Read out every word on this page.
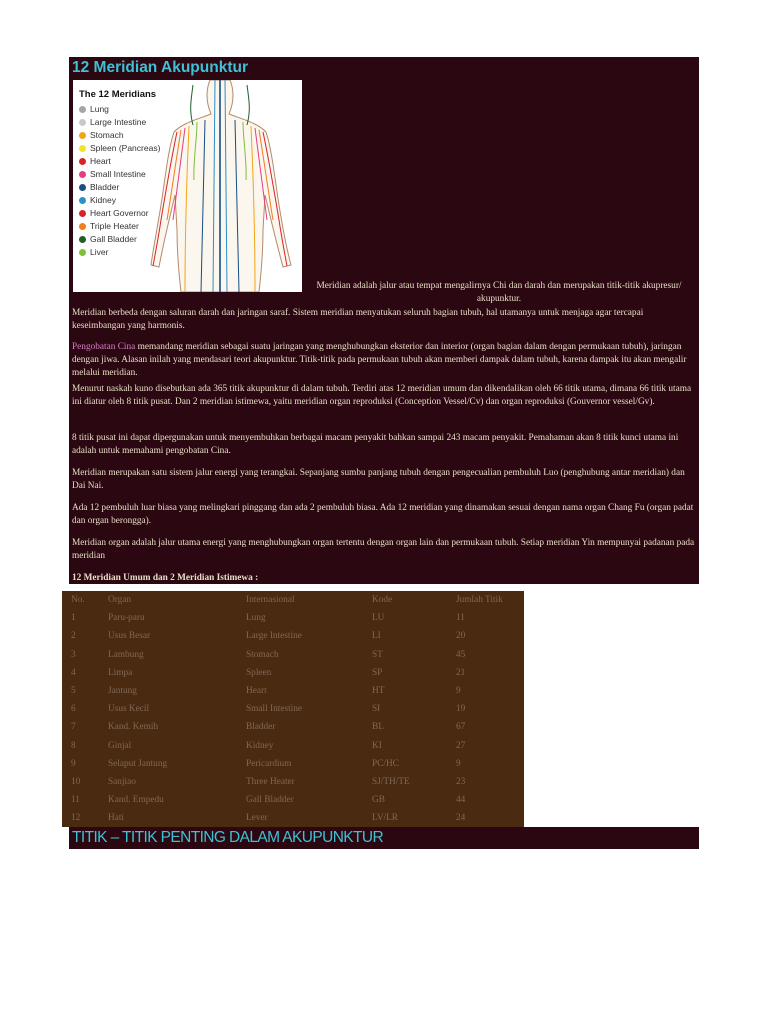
12 Meridian Akupunktur
The 12 Meridians
Lung
Large Intestine
Stomach
Spleen (Pancreas)
Heart
Small Intestine
Bladder
Kidney
Heart Governor
Triple Heater
Gall Bladder
Liver
Meridian adalah jalur atau tempat mengalirnya Chi dan darah dan merupakan titik-titik akupresur/ akupunktur.

Meridian berbeda dengan saluran darah dan jaringan saraf. Sistem meridian menyatukan seluruh bagian tubuh, hal utamanya untuk menjaga agar tercapai keseimbangan yang harmonis.

Pengobatan Cina memandang meridian sebagai suatu jaringan yang menghubungkan eksterior dan interior (organ bagian dalam dengan permukaan tubuh), jaringan dengan jiwa. Alasan inilah yang mendasari teori akupunktur. Titik-titik pada permukaan tubuh akan memberi dampak dalam tubuh, karena dampak itu akan mengalir melalui meridian.

Menurut naskah kuno disebutkan ada 365 titik akupunktur di dalam tubuh. Terdiri atas 12 meridian umum dan dikendalikan oleh 66 titik utama, dimana 66 titik utama ini diatur oleh 8 titik pusat. Dan 2 meridian istimewa, yaitu meridian organ reproduksi (Conception Vessel/Cv) dan organ reproduksi (Gouvernor vessel/Gv).

8 titik pusat ini dapat dipergunakan untuk menyembuhkan berbagai macam penyakit bahkan sampai 243 macam penyakit. Pemahaman akan 8 titik kunci utama ini adalah untuk memahami pengobatan Cina.

Meridian merupakan satu sistem jalur energi yang terangkai. Sepanjang sumbu panjang tubuh dengan pengecualian pembuluh Luo (penghubung antar meridian) dan Dai Nai.

Ada 12 pembuluh luar biasa yang melingkari pinggang dan ada 2 pembuluh biasa. Ada 12 meridian yang dinamakan sesuai dengan nama organ Chang Fu (organ padat dan organ berongga).

Meridian organ adalah jalur utama energi yang menghubungkan organ tertentu dengan organ lain dan permukaan tubuh. Setiap meridian Yin mempunyai padanan pada meridian

12 Meridian Umum dan 2 Meridian Istimewa :

No.	Organ	Internasional	Kode	Jumlah Titik
1	Paru-paru	Lung	LU	11
2	Usus Besar	Large Intestine	LI	20
3	Lambung	Stomach	ST	45
4	Limpa	Spleen	SP	21
5	Jantung	Heart	HT	9
6	Usus Kecil	Small Intestine	SI	19
7	Kand. Kemih	Bladder	BL	67
8	Ginjal	Kidney	KI	27
9	Selaput Jantung	Pericardium	PC/HC	9
10	Sanjiao	Three Heater	SJ/TH/TE	23
11	Kand. Empedu	Gall Bladder	GB	44
12	Hati	Lever	LV/LR	24
TITIK – TITIK PENTING DALAM AKUPUNKTUR
